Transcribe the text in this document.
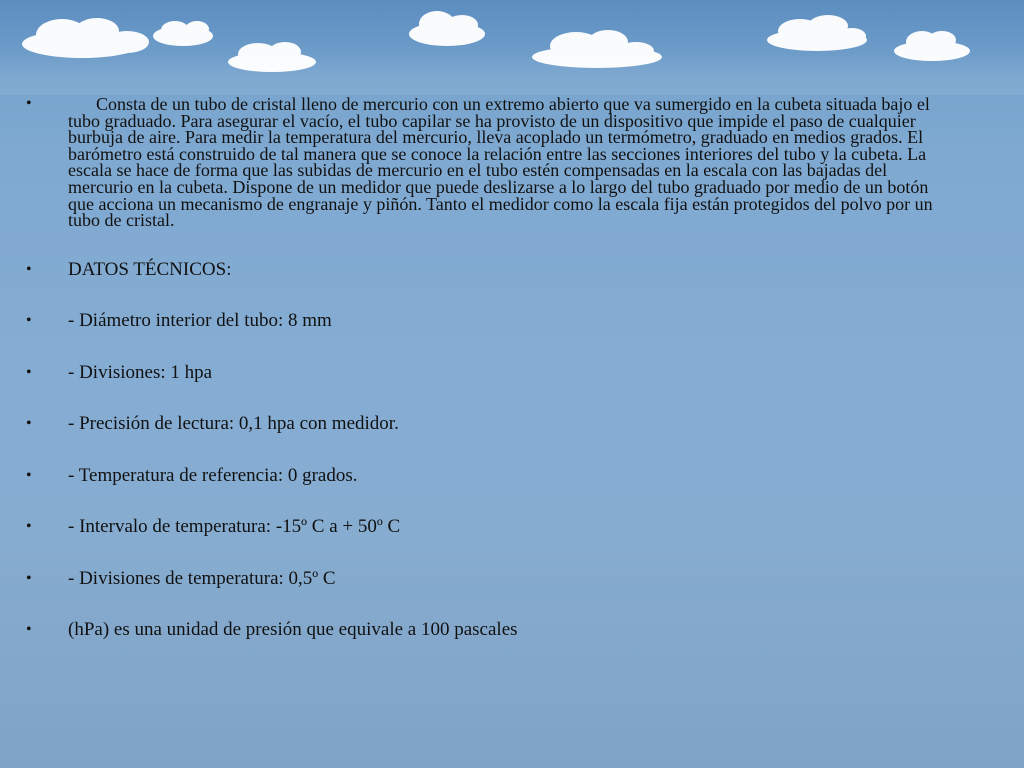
• Consta de un tubo de cristal lleno de mercurio con un extremo abierto que va sumergido en la cubeta situada bajo el tubo graduado. Para asegurar el vacío, el tubo capilar se ha provisto de un dispositivo que impide el paso de cualquier burbuja de aire. Para medir la temperatura del mercurio, lleva acoplado un termómetro, graduado en medios grados. El barómetro está construido de tal manera que se conoce la relación entre las secciones interiores del tubo y la cubeta. La escala se hace de forma que las subidas de mercurio en el tubo estén compensadas en la escala con las bajadas del mercurio en la cubeta. Dispone de un medidor que puede deslizarse a lo largo del tubo graduado por medio de un botón que acciona un mecanismo de engranaje y piñón. Tanto el medidor como la escala fija están protegidos del polvo por un tubo de cristal.
• DATOS TÉCNICOS:
• - Diámetro interior del tubo: 8 mm
• - Divisiones: 1 hpa
• - Precisión de lectura: 0,1 hpa con medidor.
• - Temperatura de referencia: 0 grados.
• - Intervalo de temperatura: -15º C a + 50º C
• - Divisiones de temperatura: 0,5º C
• (hPa) es una unidad de presión que equivale a 100 pascales
